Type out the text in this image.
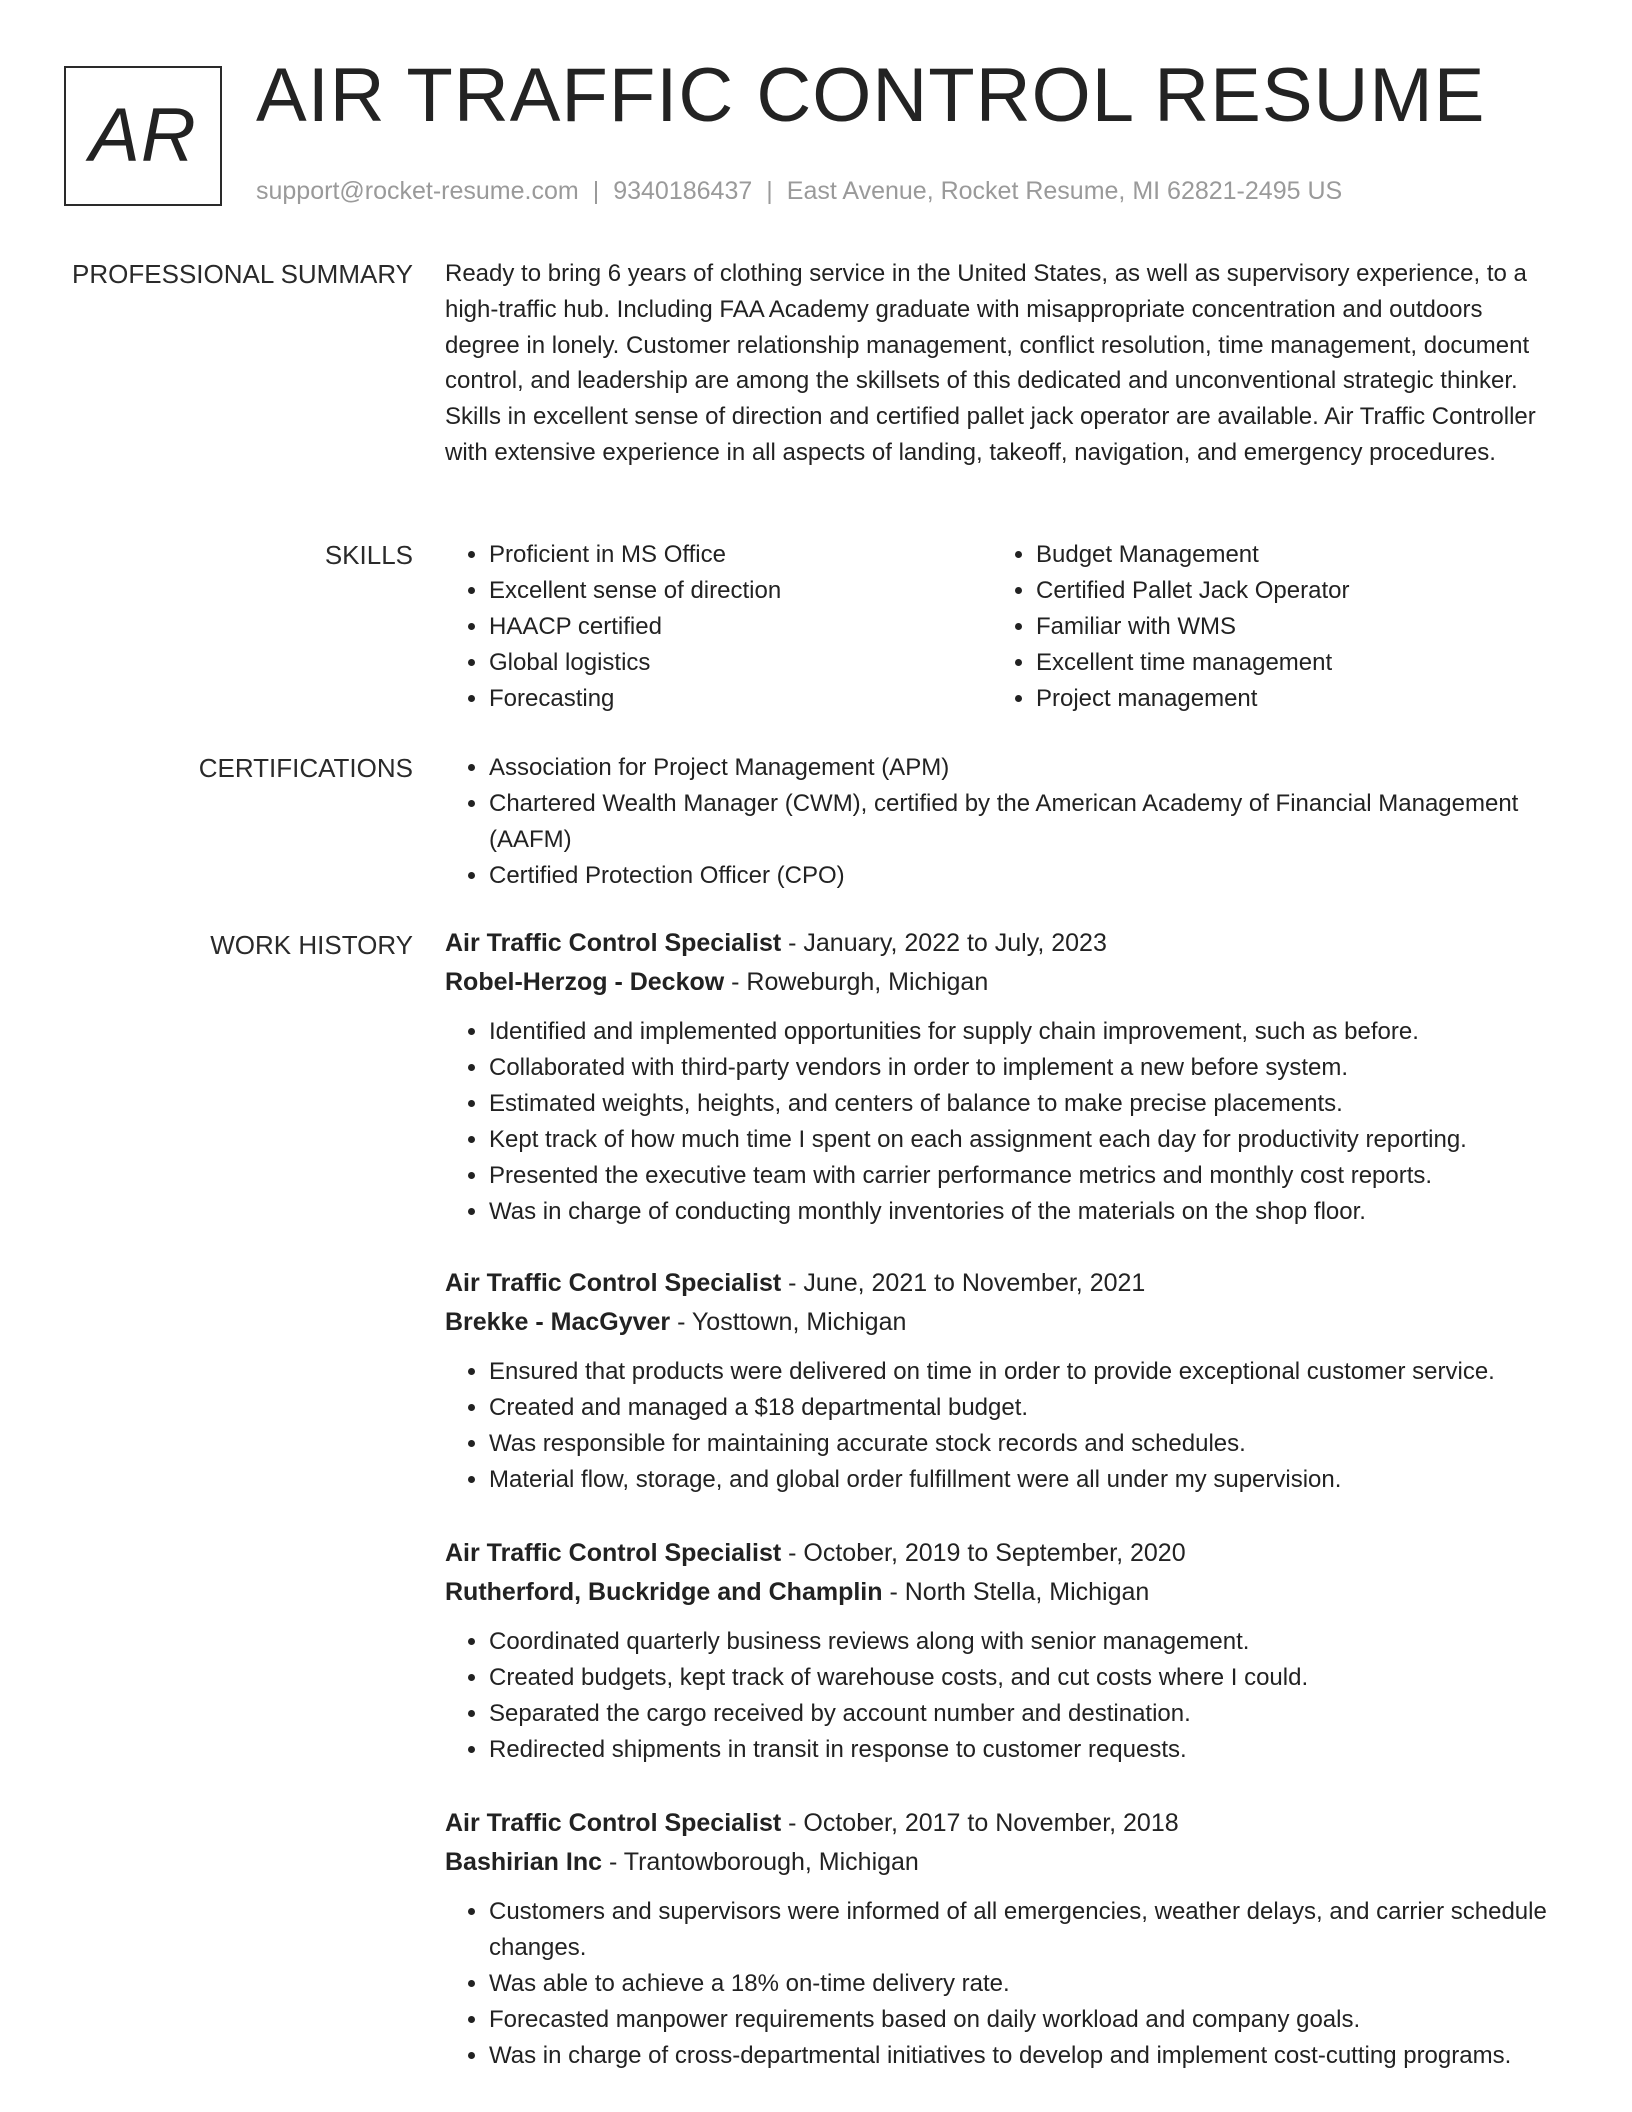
AR AIR TRAFFIC CONTROL RESUME
support@rocket-resume.com | 9340186437 | East Avenue, Rocket Resume, MI 62821-2495 US
PROFESSIONAL SUMMARY Ready to bring 6 years of clothing service in the United States, as well as supervisory experience, to a high-traffic hub. Including FAA Academy graduate with misappropriate concentration and outdoors degree in lonely. Customer relationship management, conflict resolution, time management, document control, and leadership are among the skillsets of this dedicated and unconventional strategic thinker. Skills in excellent sense of direction and certified pallet jack operator are available. Air Traffic Controller with extensive experience in all aspects of landing, takeoff, navigation, and emergency procedures.

SKILLS	• Proficient in MS Office
• Excellent sense of direction
• HAACP certified
• Global logistics
• Forecasting
• Budget Management
• Certified Pallet Jack Operator
• Familiar with WMS
• Excellent time management
• Project management
CERTIFICATIONS	• Association for Project Management (APM)
• Chartered Wealth Manager (CWM), certified by the American Academy of Financial Management (AAFM)
• Certified Protection Officer (CPO)
WORK HISTORY Air Traffic Control Specialist - January, 2022 to July, 2023
Robel-Herzog - Deckow - Roweburgh, Michigan
• Identified and implemented opportunities for supply chain improvement, such as before.
• Collaborated with third-party vendors in order to implement a new before system.
• Estimated weights, heights, and centers of balance to make precise placements.
• Kept track of how much time I spent on each assignment each day for productivity reporting.
• Presented the executive team with carrier performance metrics and monthly cost reports.
• Was in charge of conducting monthly inventories of the materials on the shop floor.
Air Traffic Control Specialist - June, 2021 to November, 2021
Brekke - MacGyver - Yosttown, Michigan
• Ensured that products were delivered on time in order to provide exceptional customer service.
• Created and managed a $18 departmental budget.
• Was responsible for maintaining accurate stock records and schedules.
• Material flow, storage, and global order fulfillment were all under my supervision.
Air Traffic Control Specialist - October, 2019 to September, 2020
Rutherford, Buckridge and Champlin - North Stella, Michigan
• Coordinated quarterly business reviews along with senior management.
• Created budgets, kept track of warehouse costs, and cut costs where I could.
• Separated the cargo received by account number and destination.
• Redirected shipments in transit in response to customer requests.
Air Traffic Control Specialist - October, 2017 to November, 2018
Bashirian Inc - Trantowborough, Michigan
• Customers and supervisors were informed of all emergencies, weather delays, and carrier schedule changes.
• Was able to achieve a 18% on-time delivery rate.
• Forecasted manpower requirements based on daily workload and company goals.
• Was in charge of cross-departmental initiatives to develop and implement cost-cutting programs.
